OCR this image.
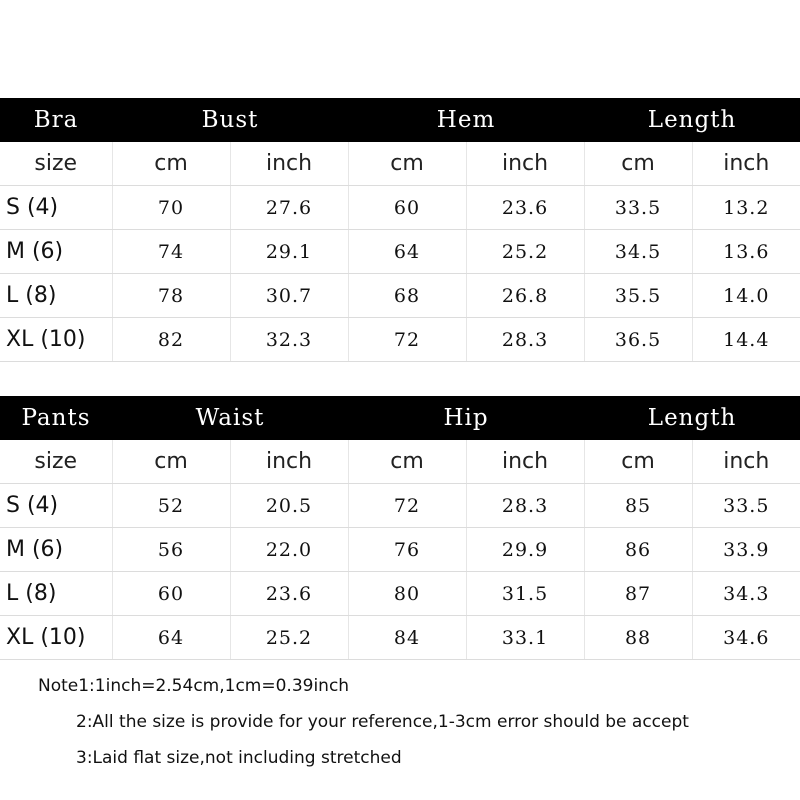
Bra	Bust		Hem		Length	
size	cm	inch	cm	inch	cm	inch
S (4)	70	27.6	60	23.6	33.5	13.2
M (6)	74	29.1	64	25.2	34.5	13.6
L (8)	78	30.7	68	26.8	35.5	14.0
XL (10)	82	32.3	72	28.3	36.5	14.4
Pants	Waist		Hip		Length	
size	cm	inch	cm	inch	cm	inch
S (4)	52	20.5	72	28.3	85	33.5
M (6)	56	22.0	76	29.9	86	33.9
L (8)	60	23.6	80	31.5	87	34.3
XL (10)	64	25.2	84	33.1	88	34.6
Note1:1inch=2.54cm,1cm=0.39inch
2:All the size is provide for your reference,1-3cm error should be accept
3:Laid flat size,not including stretched
